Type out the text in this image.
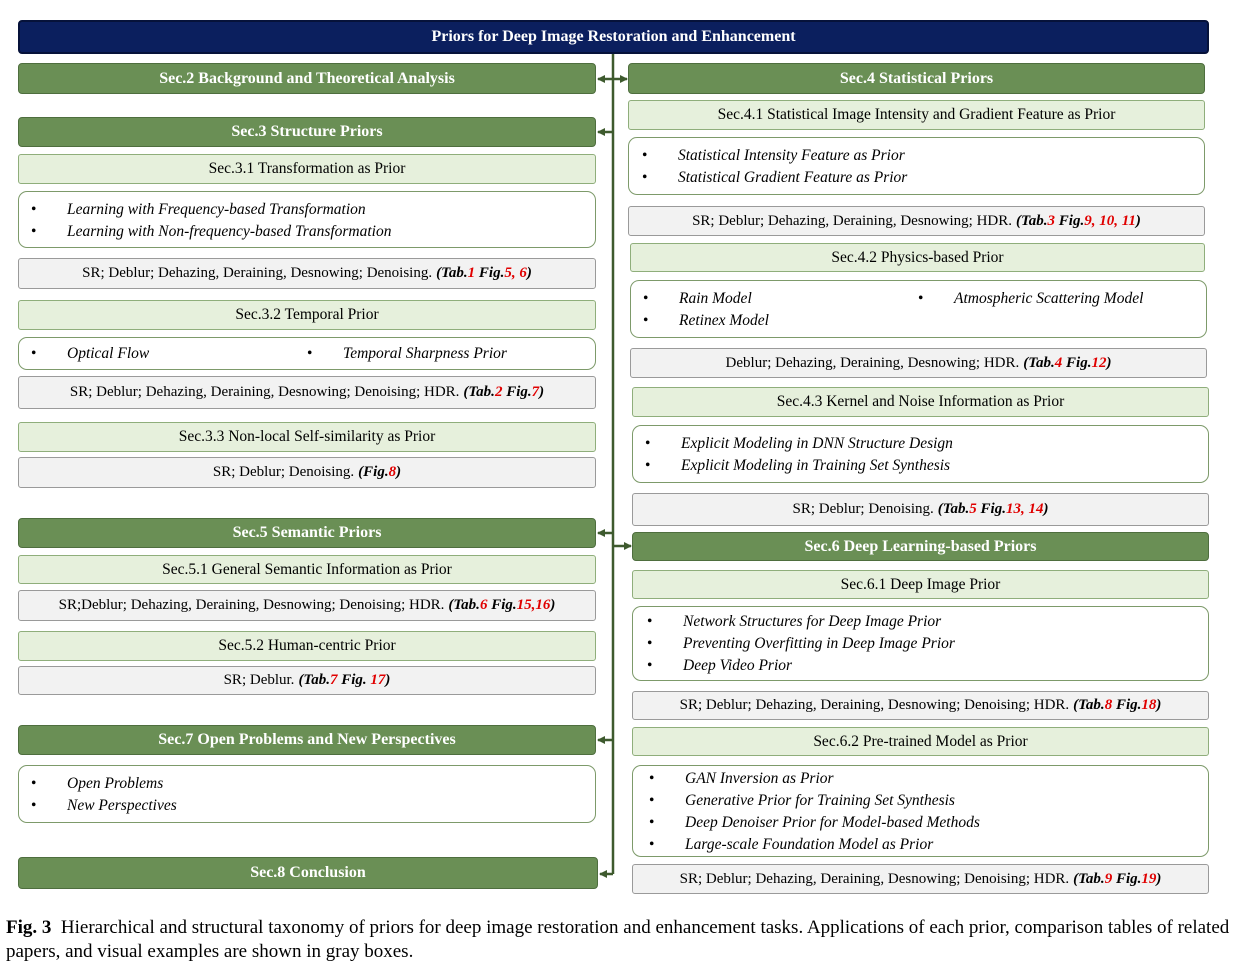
Priors for Deep Image Restoration and Enhancement
Sec.2 Background and Theoretical Analysis
Sec.3 Structure Priors
Sec.3.1 Transformation as Prior
• Learning with Frequency-based Transformation
• Learning with Non-frequency-based Transformation
SR; Deblur; Dehazing, Deraining, Desnowing; Denoising. (Tab.1 Fig.5, 6)
Sec.3.2 Temporal Prior
• Optical Flow	• Temporal Sharpness Prior
SR; Deblur; Dehazing, Deraining, Desnowing; Denoising; HDR. (Tab.2 Fig.7)
Sec.3.3 Non-local Self-similarity as Prior
SR; Deblur; Denoising. (Fig.8)
Sec.5 Semantic Priors
Sec.5.1 General Semantic Information as Prior
SR;Deblur; Dehazing, Deraining, Desnowing; Denoising; HDR. (Tab.6 Fig.15,16)
Sec.5.2 Human-centric Prior
SR; Deblur. (Tab.7 Fig. 17)
Sec.7 Open Problems and New Perspectives
• Open Problems
• New Perspectives
Sec.8 Conclusion
Sec.4 Statistical Priors
Sec.4.1 Statistical Image Intensity and Gradient Feature as Prior
• Statistical Intensity Feature as Prior
• Statistical Gradient Feature as Prior
SR; Deblur; Dehazing, Deraining, Desnowing; HDR. (Tab.3 Fig.9, 10, 11)
Sec.4.2 Physics-based Prior
• Rain Model
• Retinex Model
• Atmospheric Scattering Model
Deblur; Dehazing, Deraining, Desnowing; HDR. (Tab.4 Fig.12)
Sec.4.3 Kernel and Noise Information as Prior
• Explicit Modeling in DNN Structure Design
• Explicit Modeling in Training Set Synthesis
SR; Deblur; Denoising. (Tab.5 Fig.13, 14)
Sec.6 Deep Learning-based Priors
Sec.6.1 Deep Image Prior
• Network Structures for Deep Image Prior
• Preventing Overfitting in Deep Image Prior
• Deep Video Prior
SR; Deblur; Dehazing, Deraining, Desnowing; Denoising; HDR. (Tab.8 Fig.18)
Sec.6.2 Pre-trained Model as Prior
• GAN Inversion as Prior
• Generative Prior for Training Set Synthesis
• Deep Denoiser Prior for Model-based Methods
• Large-scale Foundation Model as Prior
SR; Deblur; Dehazing, Deraining, Desnowing; Denoising; HDR. (Tab.9 Fig.19)
Fig. 3 Hierarchical and structural taxonomy of priors for deep image restoration and enhancement tasks. Applications of each prior, comparison tables of related papers, and visual examples are shown in gray boxes.
